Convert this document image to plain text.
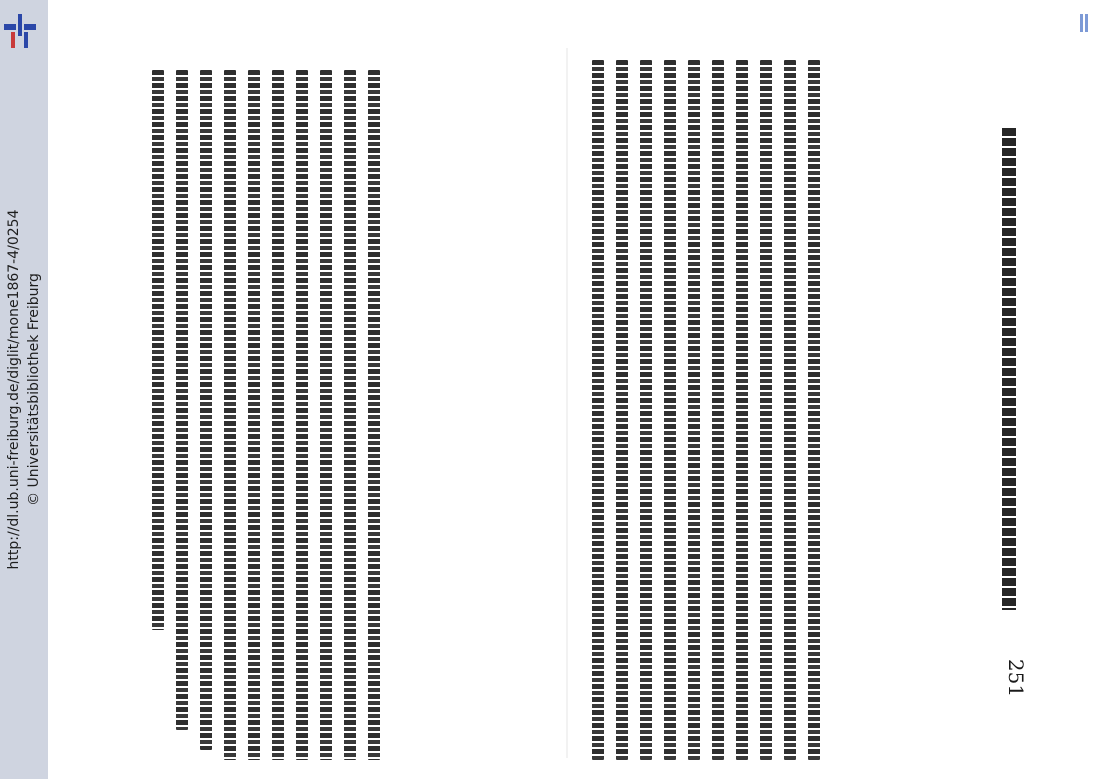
http://dl.ub.uni-freiburg.de/diglit/mone1867-4/0254 © Universitätsbibliothek Freiburg
251
